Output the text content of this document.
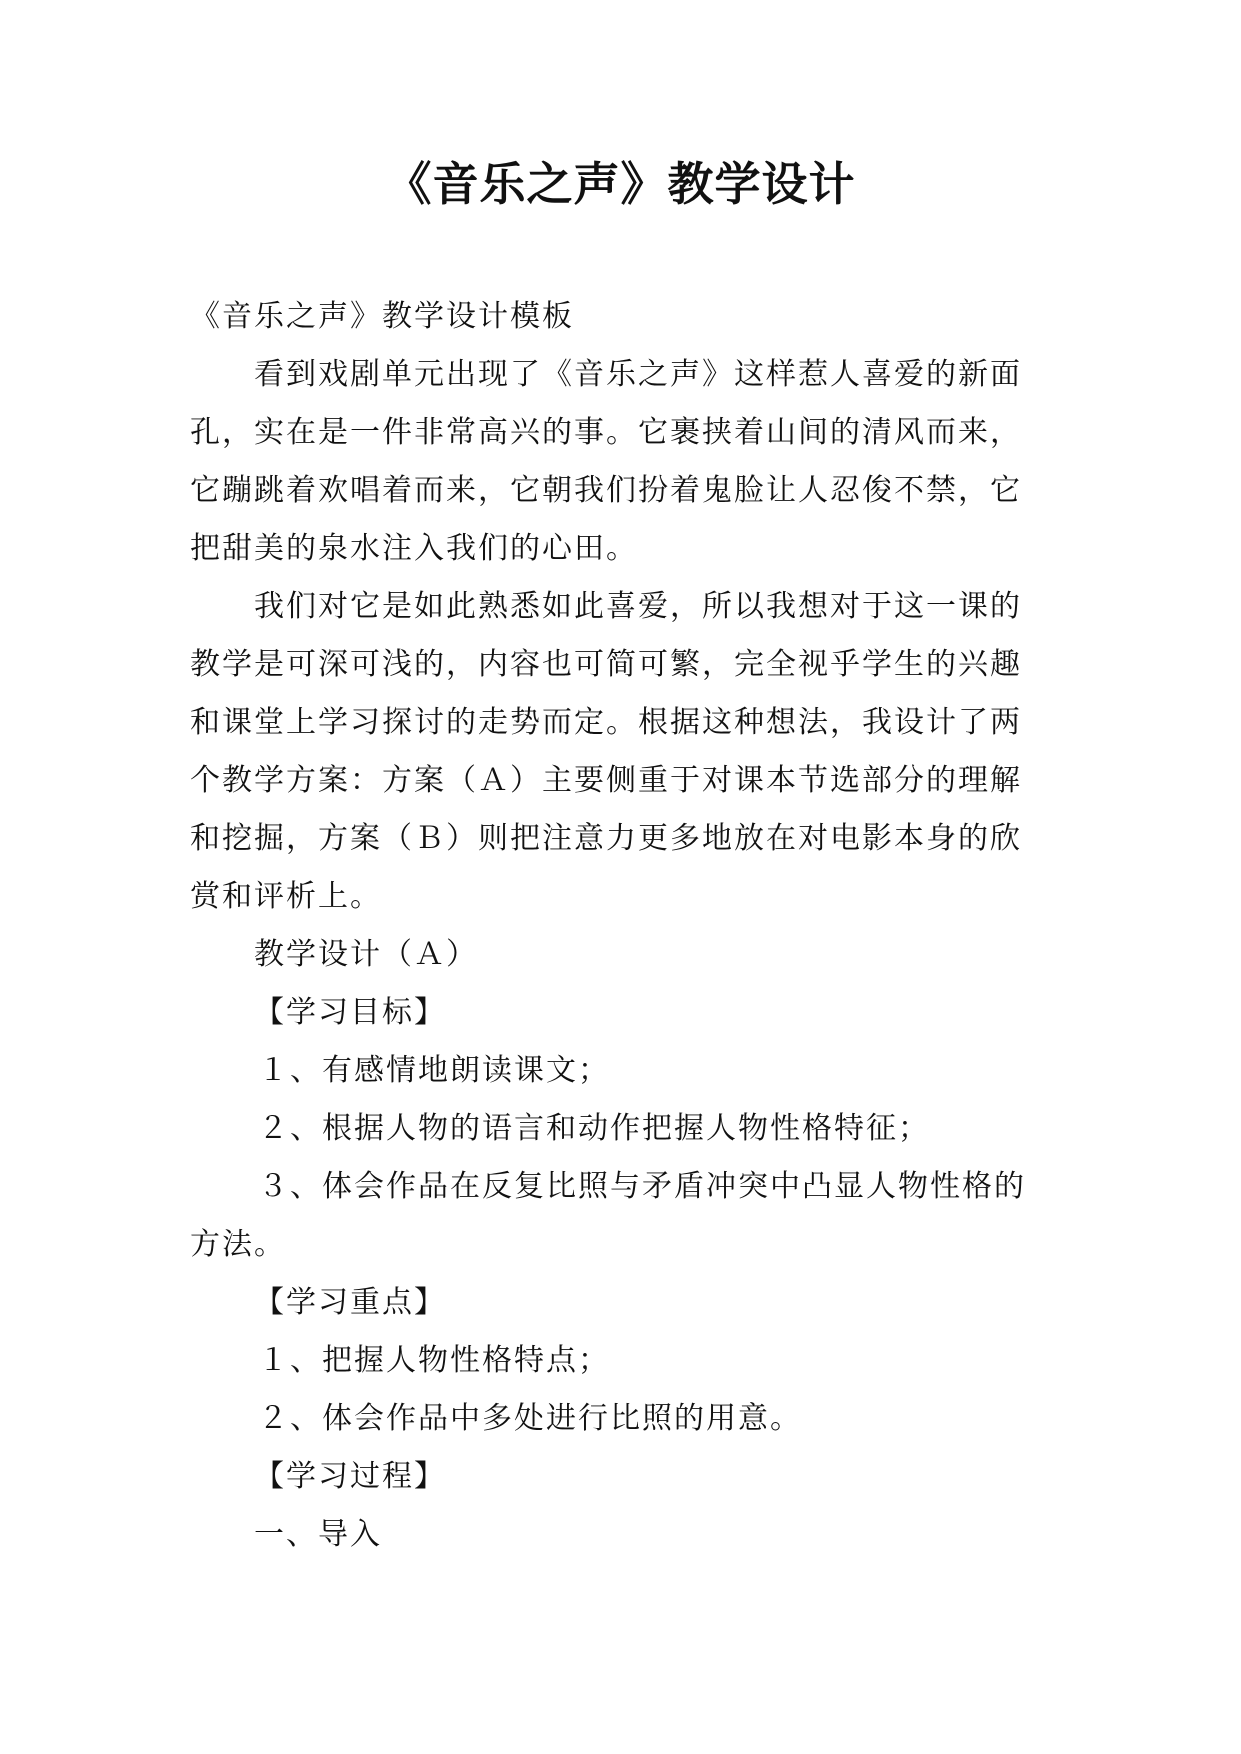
《音乐之声》教学设计

《音乐之声》教学设计模板

看到戏剧单元出现了《音乐之声》这样惹人喜爱的新面孔，实在是一件非常高兴的事。它裹挟着山间的清风而来，它蹦跳着欢唱着而来，它朝我们扮着鬼脸让人忍俊不禁，它把甜美的泉水注入我们的心田。

我们对它是如此熟悉如此喜爱，所以我想对于这一课的教学是可深可浅的，内容也可简可繁，完全视乎学生的兴趣和课堂上学习探讨的走势而定。根据这种想法，我设计了两个教学方案：方案（Ａ）主要侧重于对课本节选部分的理解和挖掘，方案（Ｂ）则把注意力更多地放在对电影本身的欣赏和评析上。

教学设计（Ａ）

【学习目标】

１、有感情地朗读课文；

２、根据人物的语言和动作把握人物性格特征；

３、体会作品在反复比照与矛盾冲突中凸显人物性格的方法。

【学习重点】

１、把握人物性格特点；

２、体会作品中多处进行比照的用意。

【学习过程】

一、导入
